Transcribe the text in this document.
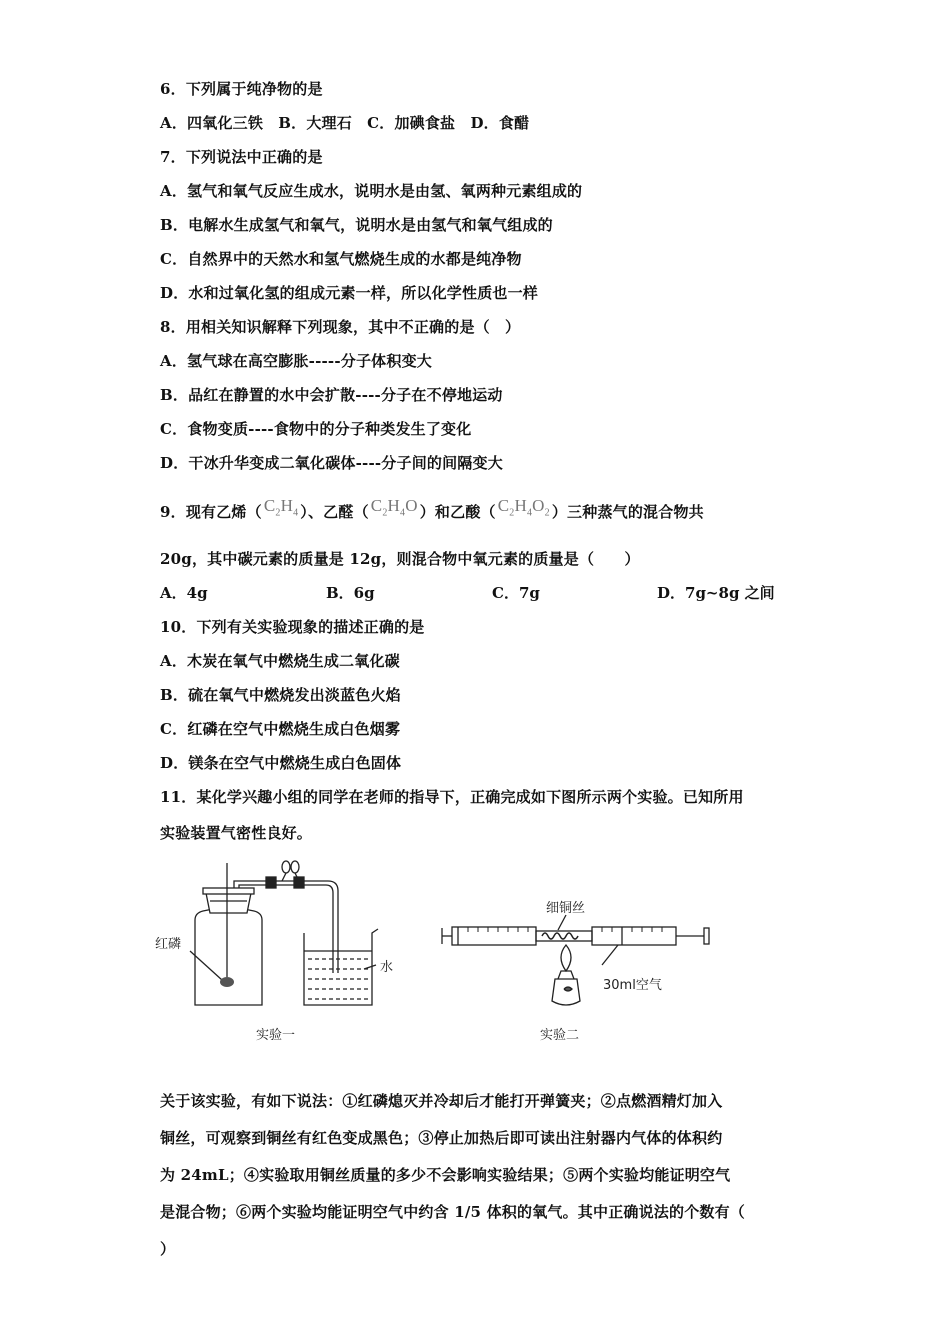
6．下列属于纯净物的是
A．四氧化三铁　B．大理石　C．加碘食盐　D．食醋
7．下列说法中正确的是
A．氢气和氧气反应生成水，说明水是由氢、氧两种元素组成的
B．电解水生成氢气和氧气，说明水是由氢气和氧气组成的
C．自然界中的天然水和氢气燃烧生成的水都是纯净物
D．水和过氧化氢的组成元素一样，所以化学性质也一样
8．用相关知识解释下列现象，其中不正确的是（　）
A．氢气球在高空膨胀-----分子体积变大
B．品红在静置的水中会扩散----分子在不停地运动
C．食物变质----食物中的分子种类发生了变化
D．干冰升华变成二氧化碳体----分子间的间隔变大
9．现有乙烯（ $C_2H_4$ ）、乙醛（ $C_2H_4O$ ）和乙酸（ $C_2H_4O_2$ ）三种蒸气的混合物共
20g，其中碳元素的质量是 12g，则混合物中氧元素的质量是（　　）
A．4g	B．6g	C．7g	D．7g~8g 之间
10．下列有关实验现象的描述正确的是
A．木炭在氧气中燃烧生成二氧化碳
B．硫在氧气中燃烧发出淡蓝色火焰
C．红磷在空气中燃烧生成白色烟雾
D．镁条在空气中燃烧生成白色固体
11．某化学兴趣小组的同学在老师的指导下，正确完成如下图所示两个实验。已知所用
实验装置气密性良好。
红磷
水
实验一
细铜丝
30ml空气
实验二
关于该实验，有如下说法：①红磷熄灭并冷却后才能打开弹簧夹；②点燃酒精灯加入
铜丝，可观察到铜丝有红色变成黑色；③停止加热后即可读出注射器内气体的体积约
为 24mL；④实验取用铜丝质量的多少不会影响实验结果；⑤两个实验均能证明空气
是混合物；⑥两个实验均能证明空气中约含 1/5 体积的氧气。其中正确说法的个数有（
）
